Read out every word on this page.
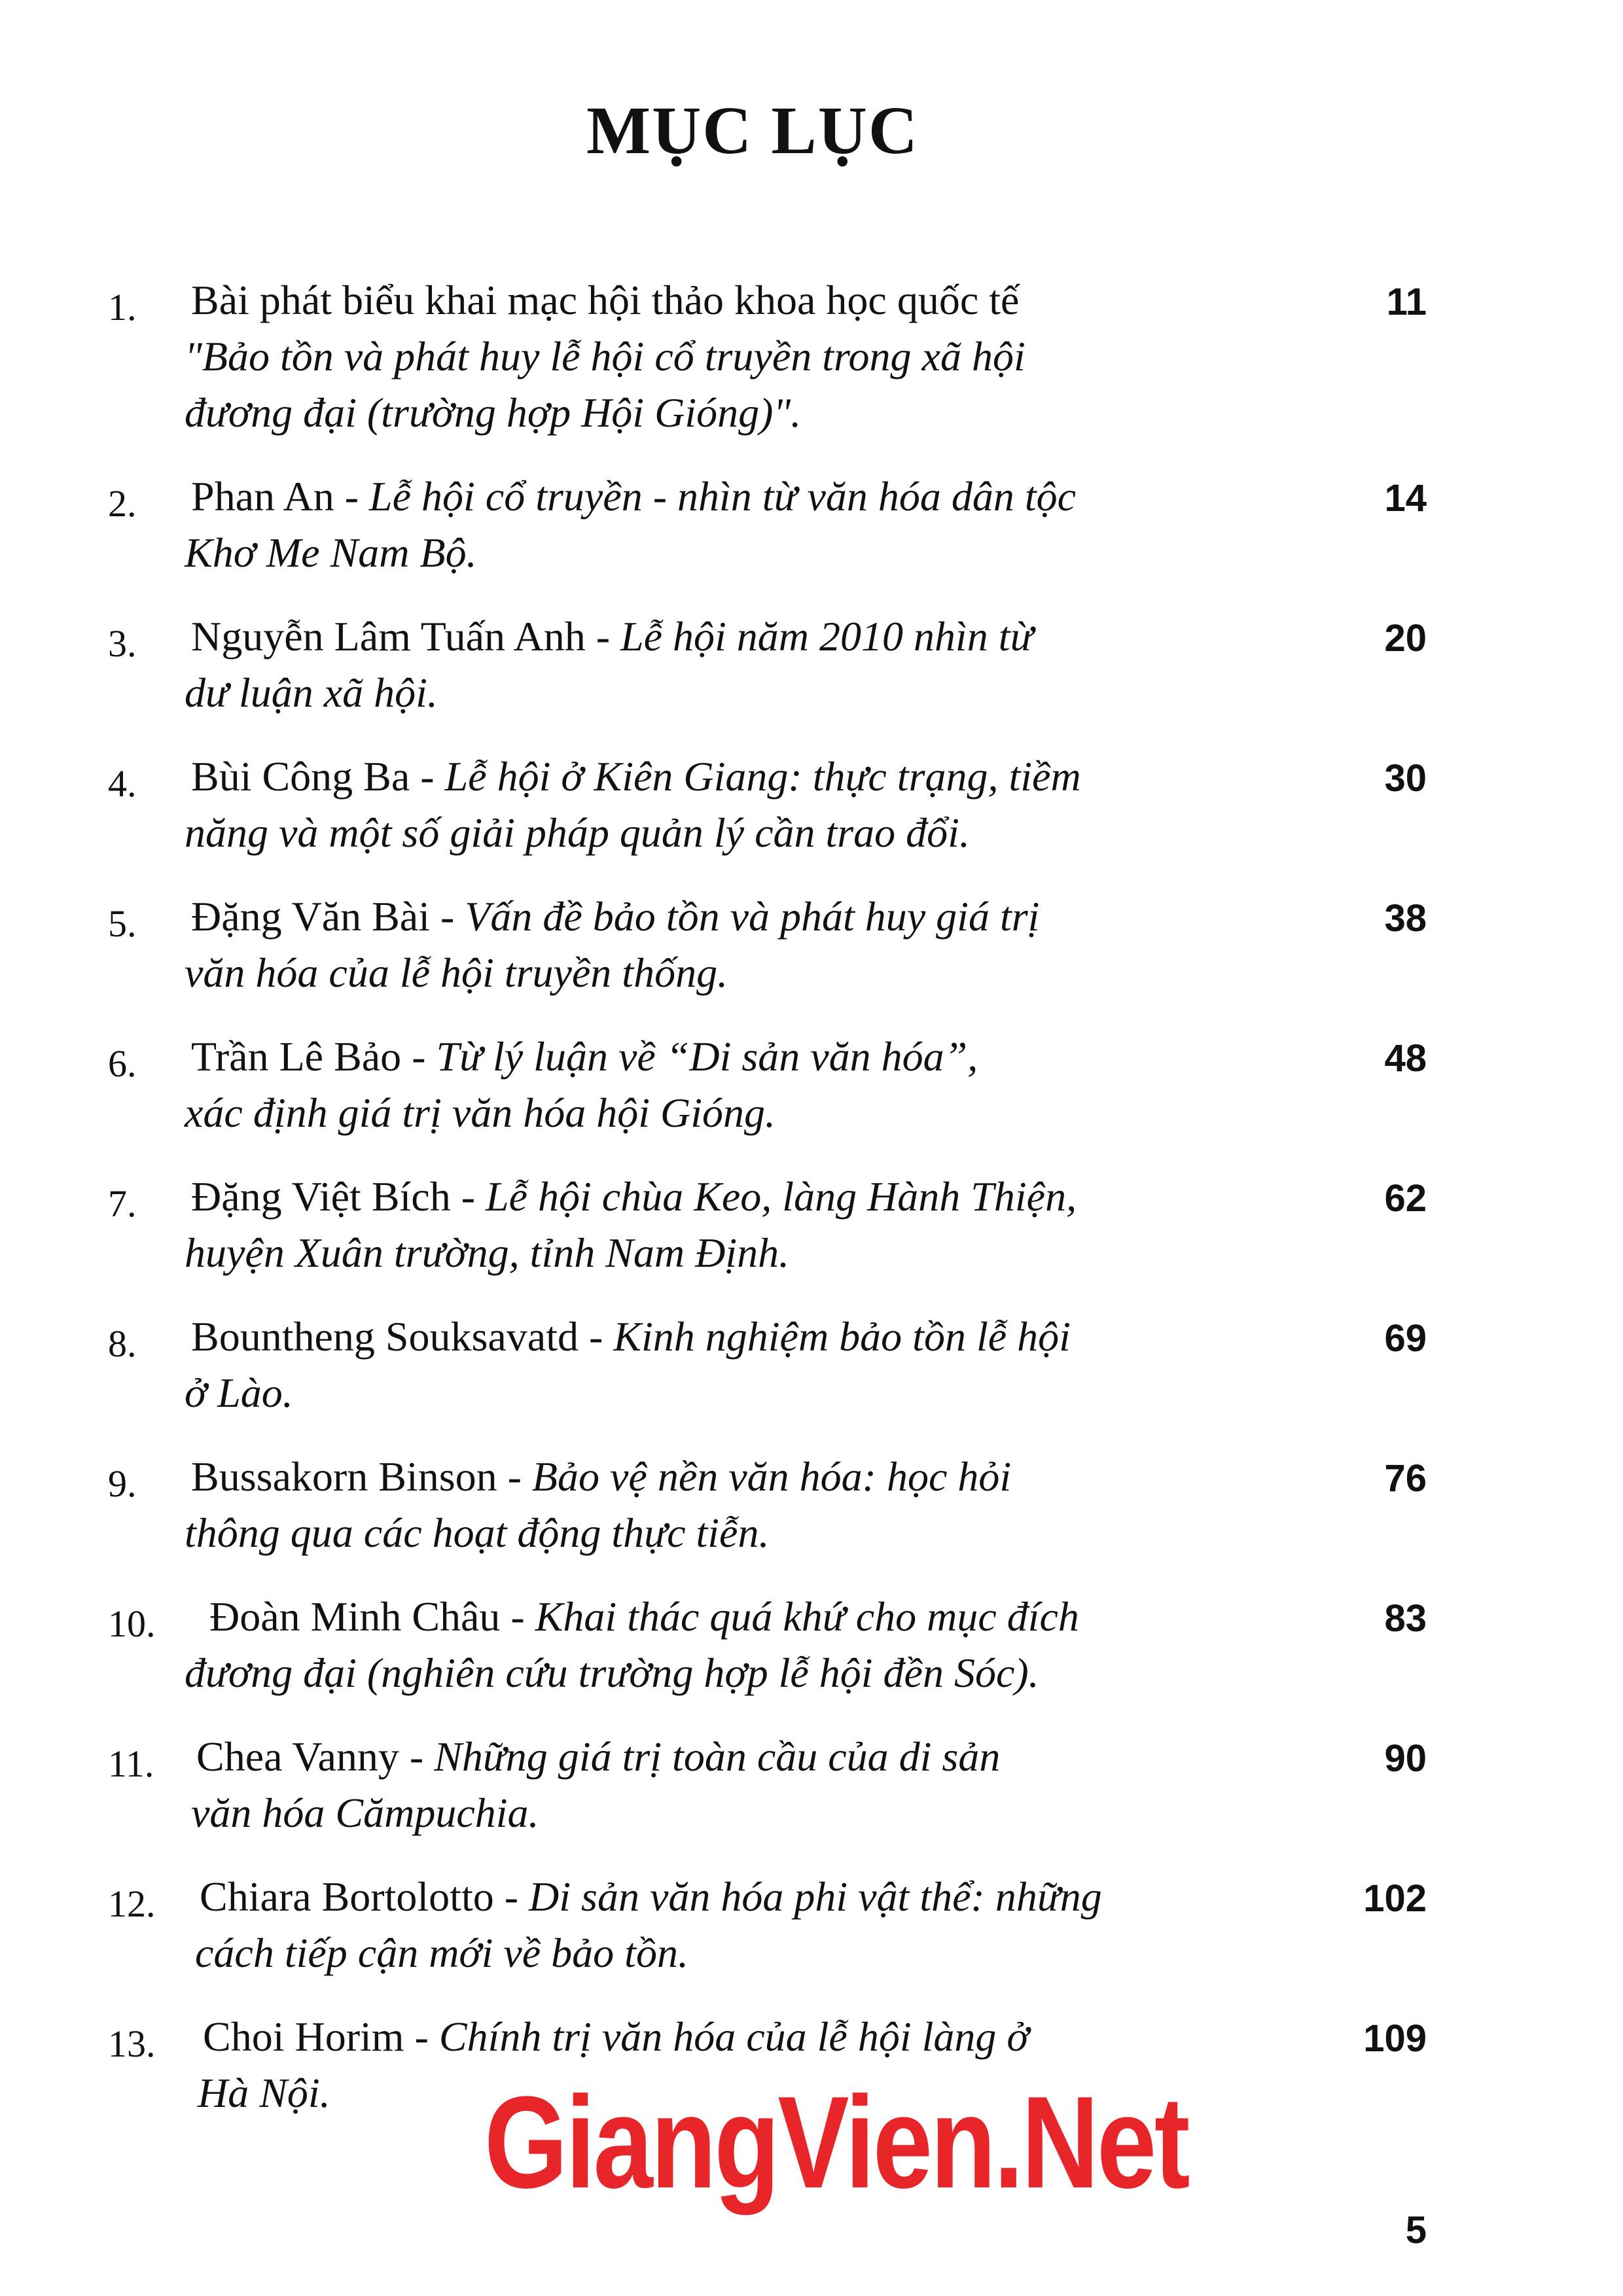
MỤC LỤC
1. Bài phát biểu khai mạc hội thảo khoa học quốc tế
"Bảo tồn và phát huy lễ hội cổ truyền trong xã hội
đương đại (trường hợp Hội Gióng)".
11
2. Phan An - Lễ hội cổ truyền - nhìn từ văn hóa dân tộc
Khơ Me Nam Bộ.
14
3. Nguyễn Lâm Tuấn Anh - Lễ hội năm 2010 nhìn từ
dư luận xã hội.
20
4. Bùi Công Ba - Lễ hội ở Kiên Giang: thực trạng, tiềm
năng và một số giải pháp quản lý cần trao đổi.
30
5. Đặng Văn Bài - Vấn đề bảo tồn và phát huy giá trị
văn hóa của lễ hội truyền thống.
38
6. Trần Lê Bảo - Từ lý luận về “Di sản văn hóa”,
xác định giá trị văn hóa hội Gióng.
48
7. Đặng Việt Bích - Lễ hội chùa Keo, làng Hành Thiện,
huyện Xuân trường, tỉnh Nam Định.
62
8. Bountheng Souksavatd - Kinh nghiệm bảo tồn lễ hội
ở Lào.
69
9. Bussakorn Binson - Bảo vệ nền văn hóa: học hỏi
thông qua các hoạt động thực tiễn.
76
10. Đoàn Minh Châu - Khai thác quá khứ cho mục đích
đương đại (nghiên cứu trường hợp lễ hội đền Sóc).
83
11. Chea Vanny - Những giá trị toàn cầu của di sản
văn hóa Cămpuchia.
90
12. Chiara Bortolotto - Di sản văn hóa phi vật thể: những
cách tiếp cận mới về bảo tồn.
102
13. Choi Horim - Chính trị văn hóa của lễ hội làng ở
Hà Nội.
109
GiangVien.Net
5
